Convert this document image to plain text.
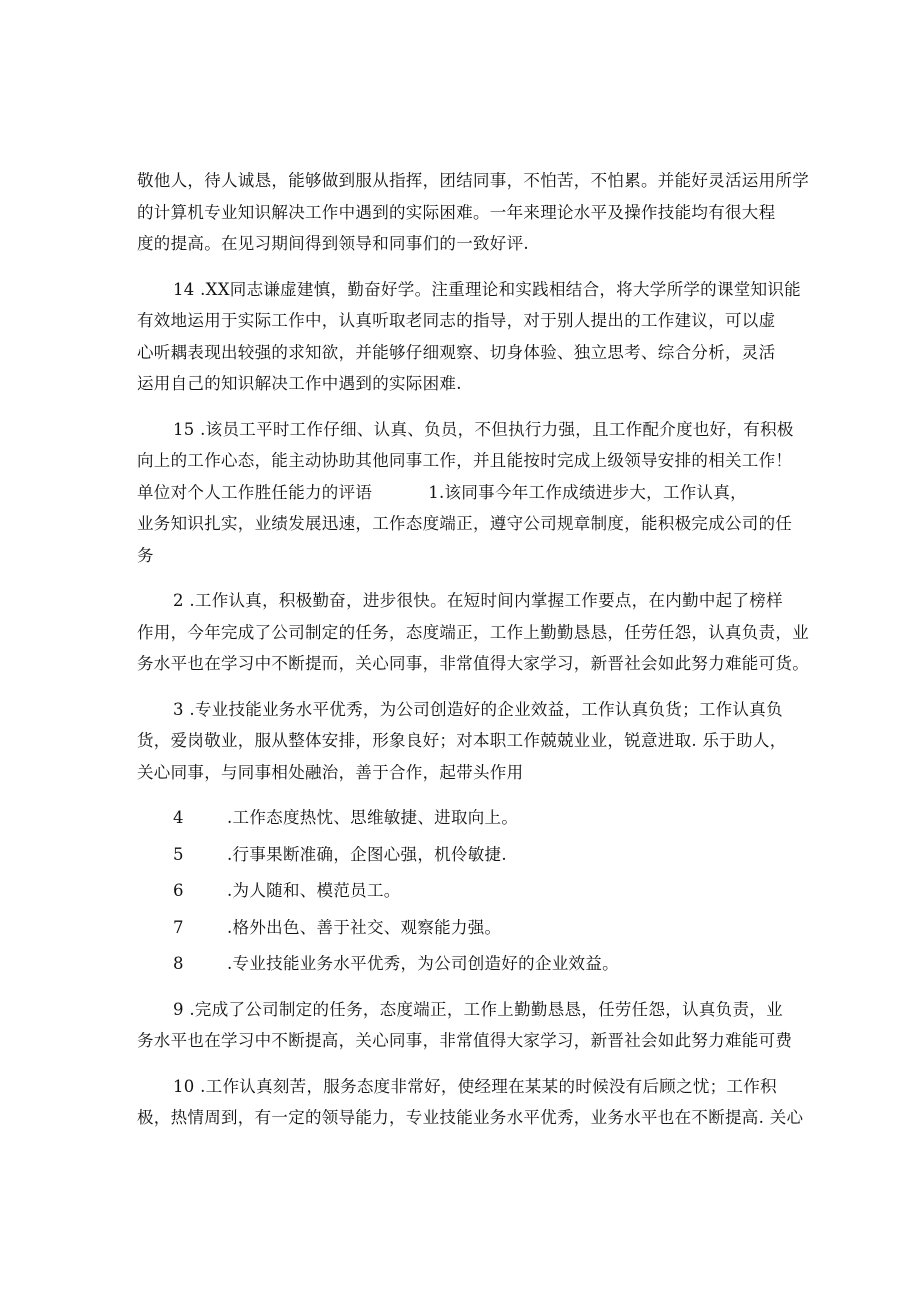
敬他人，待人诚恳，能够做到服从指挥，团结同事，不怕苦，不怕累。并能好灵活运用所学
的计算机专业知识解决工作中遇到的实际困难。一年来理论水平及操作技能均有很大程
度的提高。在见习期间得到领导和同事们的一致好评.

14 .XX同志谦虚建慎，勤奋好学。注重理论和实践相结合，将大学所学的课堂知识能
有效地运用于实际工作中，认真听取老同志的指导，对于别人提出的工作建议，可以虚
心听耦表现出较强的求知欲，并能够仔细观察、切身体验、独立思考、综合分析，灵活
运用自己的知识解决工作中遇到的实际困难.

15 .该员工平时工作仔细、认真、负员，不但执行力强，且工作配介度也好，有积极
向上的工作心态，能主动协助其他同事工作，并且能按时完成上级领导安排的相关工作！
单位对个人工作胜任能力的评语	1.该同事今年工作成绩进步大，工作认真，
业务知识扎实，业绩发展迅速，工作态度端正，遵守公司规章制度，能积极完成公司的任
务

2 .工作认真，积极勤奋，进步很快。在短时间内掌握工作要点，在内勤中起了榜样
作用，今年完成了公司制定的任务，态度端正，工作上勤勤恳恳，任劳任怨，认真负责，业
务水平也在学习中不断提而，关心同事，非常值得大家学习，新晋社会如此努力难能可货。

3 .专业技能业务水平优秀，为公司创造好的企业效益，工作认真负货；工作认真负
货，爱岗敬业，服从整体安排，形象良好；对本职工作兢兢业业，锐意进取. 乐于助人，
关心同事，与同事相处融治，善于合作，起带头作用

4	.工作态度热忱、思维敏捷、进取向上。
5	.行事果断准确，企图心强，机伶敏捷.
6	.为人随和、模范员工。
7	.格外出色、善于社交、观察能力强。
8	.专业技能业务水平优秀，为公司创造好的企业效益。

9 .完成了公司制定的任务，态度端正，工作上勤勤恳恳，任劳任怨，认真负责，业
务水平也在学习中不断提高，关心同事，非常值得大家学习，新晋社会如此努力难能可费

10 .工作认真刻苦，服务态度非常好，使经理在某某的时候没有后顾之忧；工作积
极，热情周到，有一定的领导能力，专业技能业务水平优秀，业务水平也在不断提高. 关心
